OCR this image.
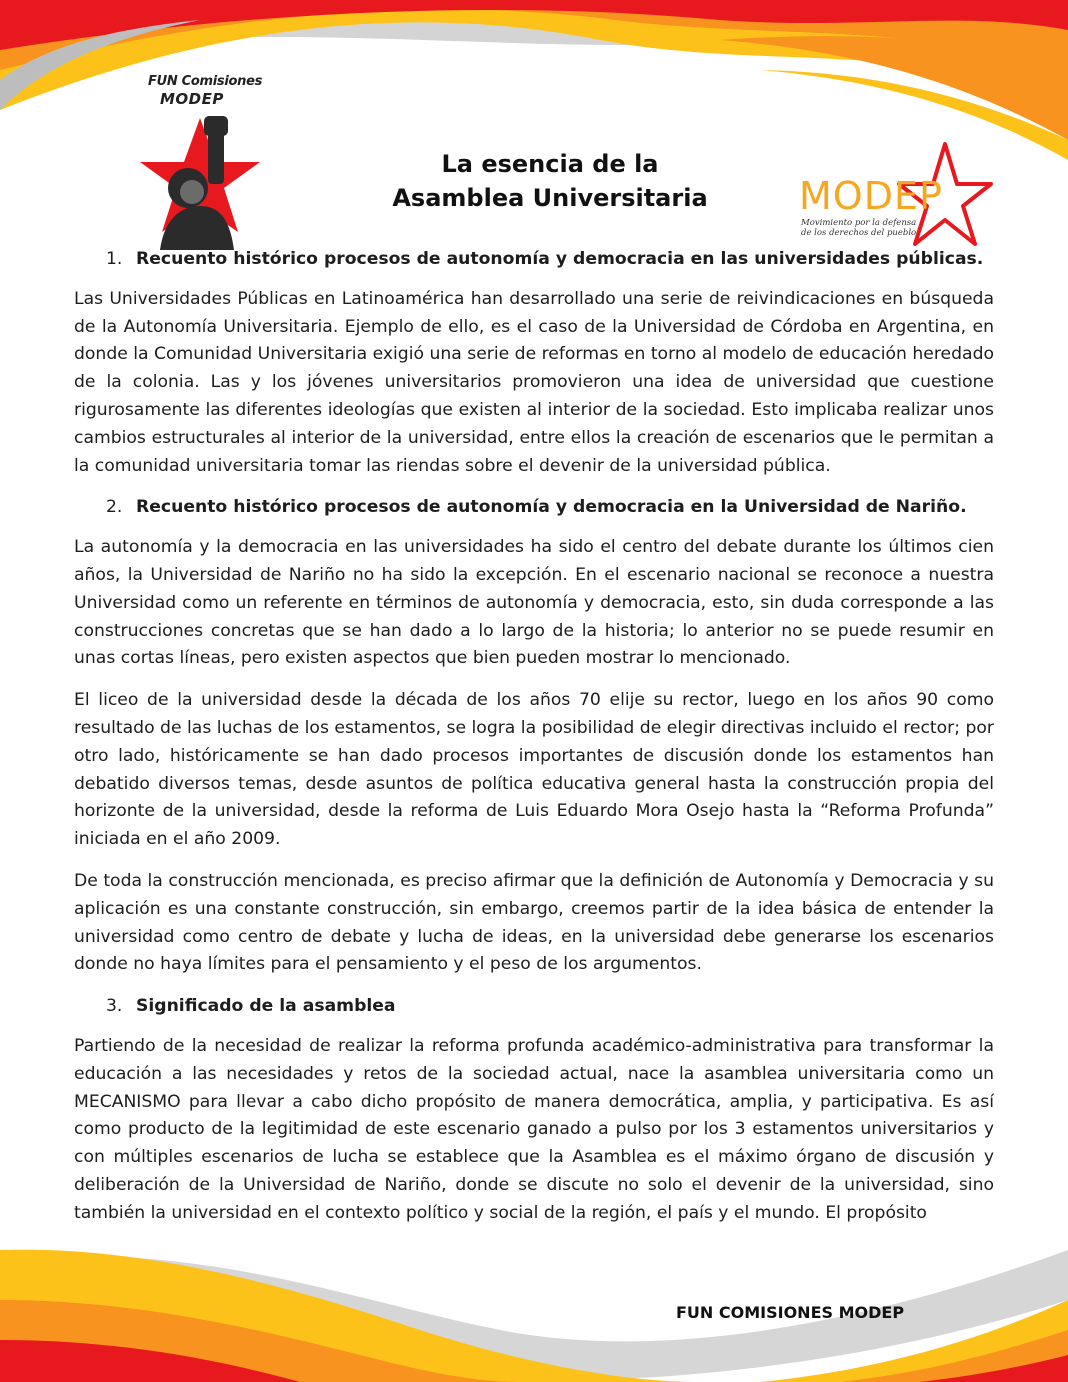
FUN Comisiones
MODEP
La esencia de la
Asamblea Universitaria	MODEP
Movimiento por la defensa
de los derechos del pueblo
1. Recuento histórico procesos de autonomía y democracia en las universidades públicas.

Las Universidades Públicas en Latinoamérica han desarrollado una serie de reivindicaciones en búsqueda de la Autonomía Universitaria. Ejemplo de ello, es el caso de la Universidad de Córdoba en Argentina, en donde la Comunidad Universitaria exigió una serie de reformas en torno al modelo de educación heredado de la colonia. Las y los jóvenes universitarios promovieron una idea de universidad que cuestione rigurosamente las diferentes ideologías que existen al interior de la sociedad. Esto implicaba realizar unos cambios estructurales al interior de la universidad, entre ellos la creación de escenarios que le permitan a la comunidad universitaria tomar las riendas sobre el devenir de la universidad pública.

2. Recuento histórico procesos de autonomía y democracia en la Universidad de Nariño.

La autonomía y la democracia en las universidades ha sido el centro del debate durante los últimos cien años, la Universidad de Nariño no ha sido la excepción. En el escenario nacional se reconoce a nuestra Universidad como un referente en términos de autonomía y democracia, esto, sin duda corresponde a las construcciones concretas que se han dado a lo largo de la historia; lo anterior no se puede resumir en unas cortas líneas, pero existen aspectos que bien pueden mostrar lo mencionado.

El liceo de la universidad desde la década de los años 70 elije su rector, luego en los años 90 como resultado de las luchas de los estamentos, se logra la posibilidad de elegir directivas incluido el rector; por otro lado, históricamente se han dado procesos importantes de discusión donde los estamentos han debatido diversos temas, desde asuntos de política educativa general hasta la construcción propia del horizonte de la universidad, desde la reforma de Luis Eduardo Mora Osejo hasta la “Reforma Profunda” iniciada en el año 2009.

De toda la construcción mencionada, es preciso afirmar que la definición de Autonomía y Democracia y su aplicación es una constante construcción, sin embargo, creemos partir de la idea básica de entender la universidad como centro de debate y lucha de ideas, en la universidad debe generarse los escenarios donde no haya límites para el pensamiento y el peso de los argumentos.

3. Significado de la asamblea

Partiendo de la necesidad de realizar la reforma profunda académico-administrativa para transformar la educación a las necesidades y retos de la sociedad actual, nace la asamblea universitaria como un MECANISMO para llevar a cabo dicho propósito de manera democrática, amplia, y participativa. Es así como producto de la legitimidad de este escenario ganado a pulso por los 3 estamentos universitarios y con múltiples escenarios de lucha se establece que la Asamblea es el máximo órgano de discusión y deliberación de la Universidad de Nariño, donde se discute no solo el devenir de la universidad, sino también la universidad en el contexto político y social de la región, el país y el mundo. El propósito

FUN COMISIONES MODEP
